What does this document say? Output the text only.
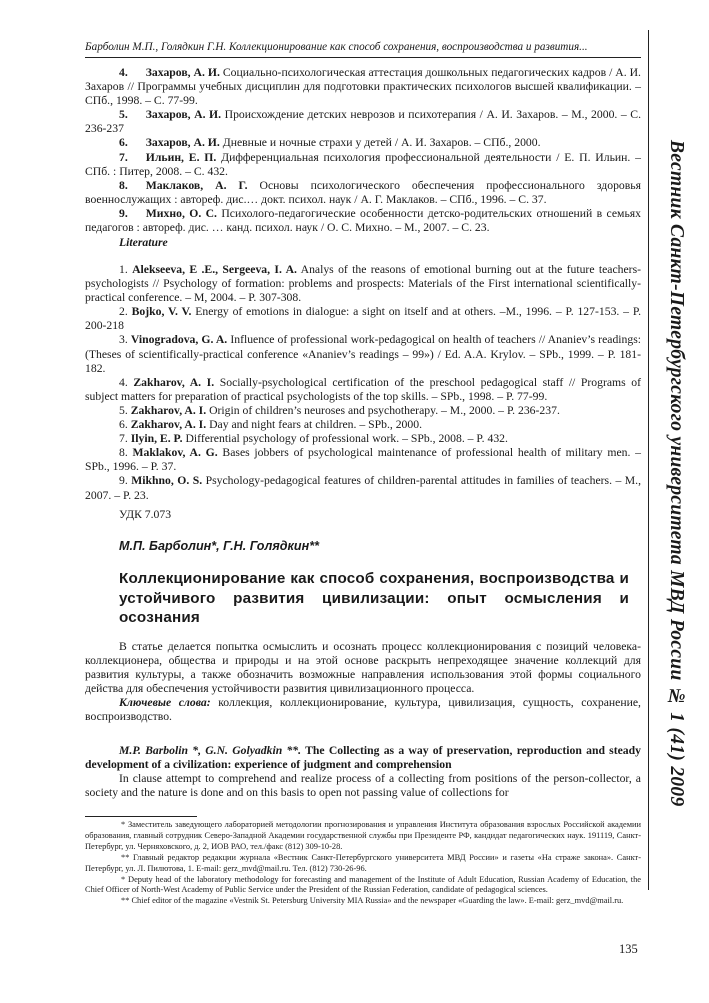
Барболин М.П., Голядкин Г.Н. Коллекционирование как способ сохранения, воспроизводства и развития...
Вестник Санкт-Петербургского университета МВД России № 1 (41) 2009

4. Захаров, А. И. Социально-психологическая аттестация дошкольных педагогических кадров / А. И. Захаров // Программы учебных дисциплин для подготовки практических психологов высшей квалификации. – СПб., 1998. – С. 77-99.

5. Захаров, А. И. Происхождение детских неврозов и психотерапия / А. И. Захаров. – М., 2000. – С. 236-237

6. Захаров, А. И. Дневные и ночные страхи у детей / А. И. Захаров. – СПб., 2000.

7. Ильин, Е. П. Дифференциальная психология профессиональной деятельности / Е. П. Ильин. – СПб. : Питер, 2008. – С. 432.

8. Маклаков, А. Г. Основы психологического обеспечения профессионального здоровья военнослужащих : автореф. дис.… докт. психол. наук / А. Г. Маклаков. – СПб., 1996. – С. 37.

9. Михно, О. С. Психолого-педагогические особенности детско-родительских отношений в семьях педагогов : автореф. дис. … канд. психол. наук / О. С. Михно. – М., 2007. – С. 23.

Literature

1. Alekseeva, E .E., Sergeeva, I. A. Analys of the reasons of emotional burning out at the future teachers-psychologists // Psychology of formation: problems and prospects: Materials of the First international scientifically-practical conference. – M, 2004. – P. 307-308.

2. Bojko, V. V. Energy of emotions in dialogue: a sight on itself and at others. –M., 1996. – P. 127-153. – P. 200-218

3. Vinogradova, G. A. Influence of professional work-pedagogical on health of teachers // Ananiev’s readings: (Theses of scientifically-practical conference «Ananiev’s readings – 99») / Ed. A.A. Krylov. – SPb., 1999. – P. 181-182.

4. Zakharov, A. I. Socially-psychological certification of the preschool pedagogical staff // Programs of subject matters for preparation of practical psychologists of the top skills. – SPb., 1998. – P. 77-99.

5. Zakharov, A. I. Origin of children’s neuroses and psychotherapy. – M., 2000. – P. 236-237.

6. Zakharov, A. I. Day and night fears at children. – SPb., 2000.

7. Ilyin, E. P. Differential psychology of professional work. – SPb., 2008. – P. 432.

8. Maklakov, A. G. Bases jobbers of psychological maintenance of professional health of military men. – SPb., 1996. – P. 37.

9. Mikhno, O. S. Psychology-pedagogical features of children-parental attitudes in families of teachers. – M., 2007. – P. 23.

УДК 7.073
М.П. Барболин*, Г.Н. Голядкин**
Коллекционирование как способ сохранения, воспроизводства и устойчивого развития цивилизации: опыт осмысления и осознания

В статье делается попытка осмыслить и осознать процесс коллекционирования с позиций человека-коллекционера, общества и природы и на этой основе раскрыть непреходящее значение коллекций для развития культуры, а также обозначить возможные направления использования этой формы социального действа для обеспечения устойчивости развития цивилизационного процесса.

Ключевые слова: коллекция, коллекционирование, культура, цивилизация, сущность, сохранение, воспроизводство.

M.P. Barbolin *, G.N. Golyadkin **. The Collecting as a way of preservation, reproduction and steady development of a civilization: experience of judgment and comprehension

In clause attempt to comprehend and realize process of a collecting from positions of the person-collector, a society and the nature is done and on this basis to open not passing value of collections for

* Заместитель заведующего лабораторией методологии прогнозирования и управления Института образования взрослых Российской академии образования, главный сотрудник Северо-Западной Академии государственной службы при Президенте РФ, кандидат педагогических наук. 191119, Санкт-Петербург, ул. Черняховского, д. 2, ИОВ РАО, тел./факс (812) 309-10-28.

** Главный редактор редакции журнала «Вестник Санкт-Петербургского университета МВД России» и газеты «На страже закона». Санкт-Петербург, ул. Л. Пилютова, 1. E-mail: gerz_mvd@mail.ru. Тел. (812) 730-26-96.

* Deputy head of the laboratory methodology for forecasting and management of the Institute of Adult Education, Russian Academy of Education, the Chief Officer of North-West Academy of Public Service under the President of the Russian Federation, candidate of pedagogical sciences.

** Chief editor of the magazine «Vestnik St. Petersburg University MIA Russia» and the newspaper «Guarding the law». E-mail: gerz_mvd@mail.ru.

135
